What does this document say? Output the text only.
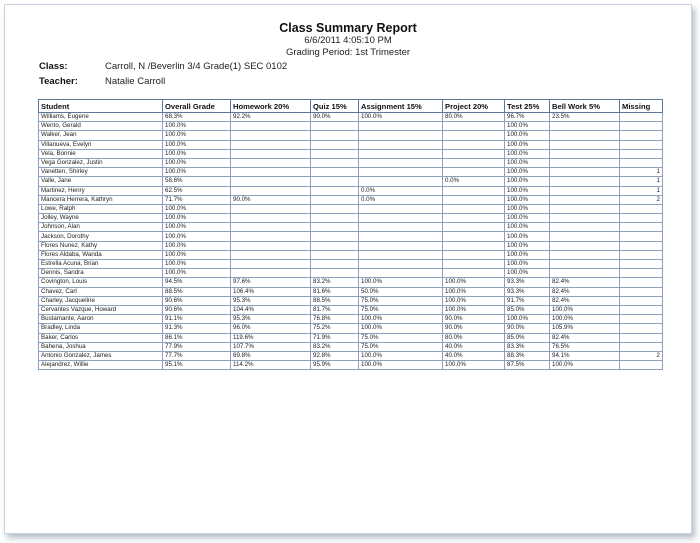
Class Summary Report
6/6/2011 4:05:10 PM
Grading Period: 1st Trimester
Class:	Carroll, N /Beverlin 3/4 Grade(1) SEC 0102
Teacher:	Natalie Carroll
Student	Overall Grade	Homework 20%	Quiz 15%	Assignment 15%	Project 20%	Test 25%	Bell Work 5%	Missing
Williams, Eugene	68.3%	92.2%	90.0%	100.0%	80.0%	96.7%	23.5%	
Wento, Gerald	100.0%					100.0%		
Walker, Jean	100.0%					100.0%		
Villanueva, Evelyn	100.0%					100.0%		
Vela, Bonnie	100.0%					100.0%		
Vega Gonzalez, Justin	100.0%					100.0%		
Vanetten, Shirley	100.0%					100.0%		1
Valle, Jane	58.6%				0.0%	100.0%		1
Martinez, Henry	62.5%			0.0%		100.0%		1
Mancera Herrera, Kathryn	71.7%	90.0%		0.0%		100.0%		2
Lowe, Ralph	100.0%					100.0%		
Jolley, Wayne	100.0%					100.0%		
Johnson, Alan	100.0%					100.0%		
Jackson, Dorothy	100.0%					100.0%		
Flores Nunez, Kathy	100.0%					100.0%		
Flores Aldaba, Wanda	100.0%					100.0%		
Estrella Acuna, Brian	100.0%					100.0%		
Dennis, Sandra	100.0%					100.0%		
Covington, Louis	94.5%	97.6%	83.2%	100.0%	100.0%	93.3%	82.4%	
Chavez, Carl	88.5%	106.4%	81.6%	50.0%	100.0%	93.3%	82.4%	
Charley, Jacqueline	90.6%	95.3%	88.5%	75.0%	100.0%	91.7%	82.4%	
Cervantes Vazque, Howard	90.6%	104.4%	81.7%	75.0%	100.0%	85.0%	100.0%	
Bustamante, Aaron	91.1%	95.3%	76.8%	100.0%	90.0%	100.0%	100.0%	
Bradley, Linda	91.3%	96.0%	75.2%	100.0%	90.0%	90.0%	105.9%	
Baker, Carlos	86.1%	119.6%	71.9%	75.0%	80.0%	85.0%	82.4%	
Bahena, Joshua	77.9%	107.7%	83.2%	75.0%	40.0%	83.3%	76.5%	
Antonio Gonzalez, James	77.7%	69.8%	92.8%	100.0%	40.0%	88.3%	94.1%	2
Alejandrez, Willie	95.1%	114.2%	95.9%	100.0%	100.0%	87.5%	100.0%	
